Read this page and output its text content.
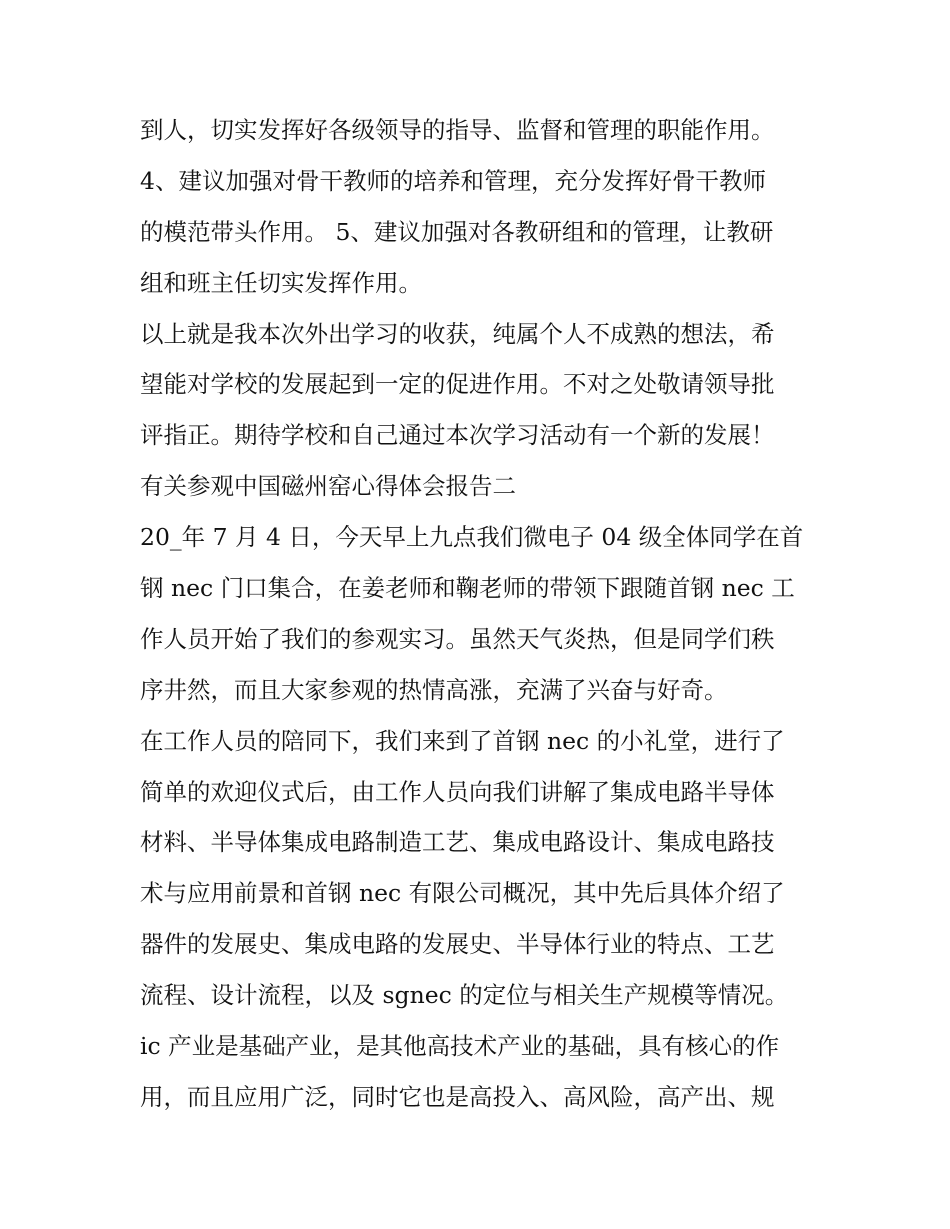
到人，切实发挥好各级领导的指导、监督和管理的职能作用。
4、建议加强对骨干教师的培养和管理，充分发挥好骨干教师
的模范带头作用。 5、建议加强对各教研组和的管理，让教研
组和班主任切实发挥作用。
以上就是我本次外出学习的收获，纯属个人不成熟的想法，希
望能对学校的发展起到一定的促进作用。不对之处敬请领导批
评指正。期待学校和自己通过本次学习活动有一个新的发展！
有关参观中国磁州窑心得体会报告二
20_年 7 月 4 日，今天早上九点我们微电子 04 级全体同学在首
钢 nec 门口集合，在姜老师和鞠老师的带领下跟随首钢 nec 工
作人员开始了我们的参观实习。虽然天气炎热，但是同学们秩
序井然，而且大家参观的热情高涨，充满了兴奋与好奇。
在工作人员的陪同下，我们来到了首钢 nec 的小礼堂，进行了
简单的欢迎仪式后，由工作人员向我们讲解了集成电路半导体
材料、半导体集成电路制造工艺、集成电路设计、集成电路技
术与应用前景和首钢 nec 有限公司概况，其中先后具体介绍了
器件的发展史、集成电路的发展史、半导体行业的特点、工艺
流程、设计流程，以及 sgnec 的定位与相关生产规模等情况。
ic 产业是基础产业，是其他高技术产业的基础，具有核心的作
用，而且应用广泛，同时它也是高投入、高风险，高产出、规
